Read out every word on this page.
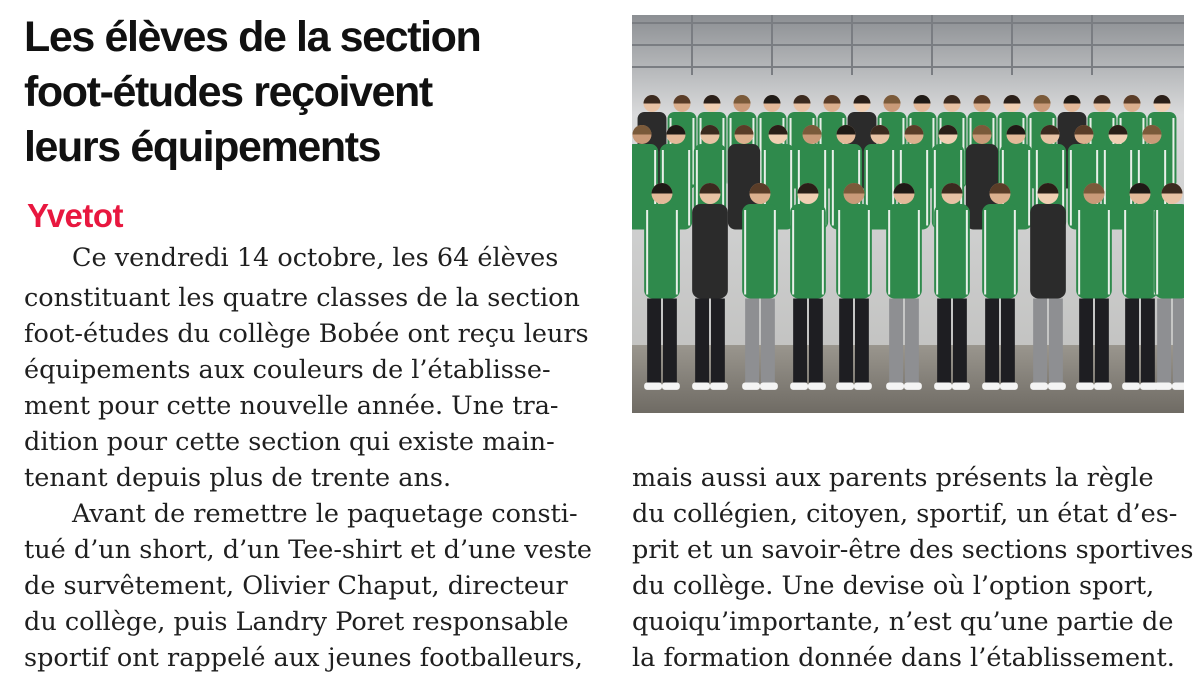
Les élèves de la section
foot-études reçoivent
leurs équipements
Yvetot
Ce vendredi 14 octobre, les 64 élèves
constituant les quatre classes de la section
foot-études du collège Bobée ont reçu leurs
équipements aux couleurs de l’établisse-
ment pour cette nouvelle année. Une tra-
dition pour cette section qui existe main-
tenant depuis plus de trente ans.
Avant de remettre le paquetage consti-
tué d’un short, d’un Tee-shirt et d’une veste
de survêtement, Olivier Chaput, directeur
du collège, puis Landry Poret responsable
sportif ont rappelé aux jeunes footballeurs,
mais aussi aux parents présents la règle
du collégien, citoyen, sportif, un état d’es-
prit et un savoir-être des sections sportives
du collège. Une devise où l’option sport,
quoiqu’importante, n’est qu’une partie de
la formation donnée dans l’établissement.
